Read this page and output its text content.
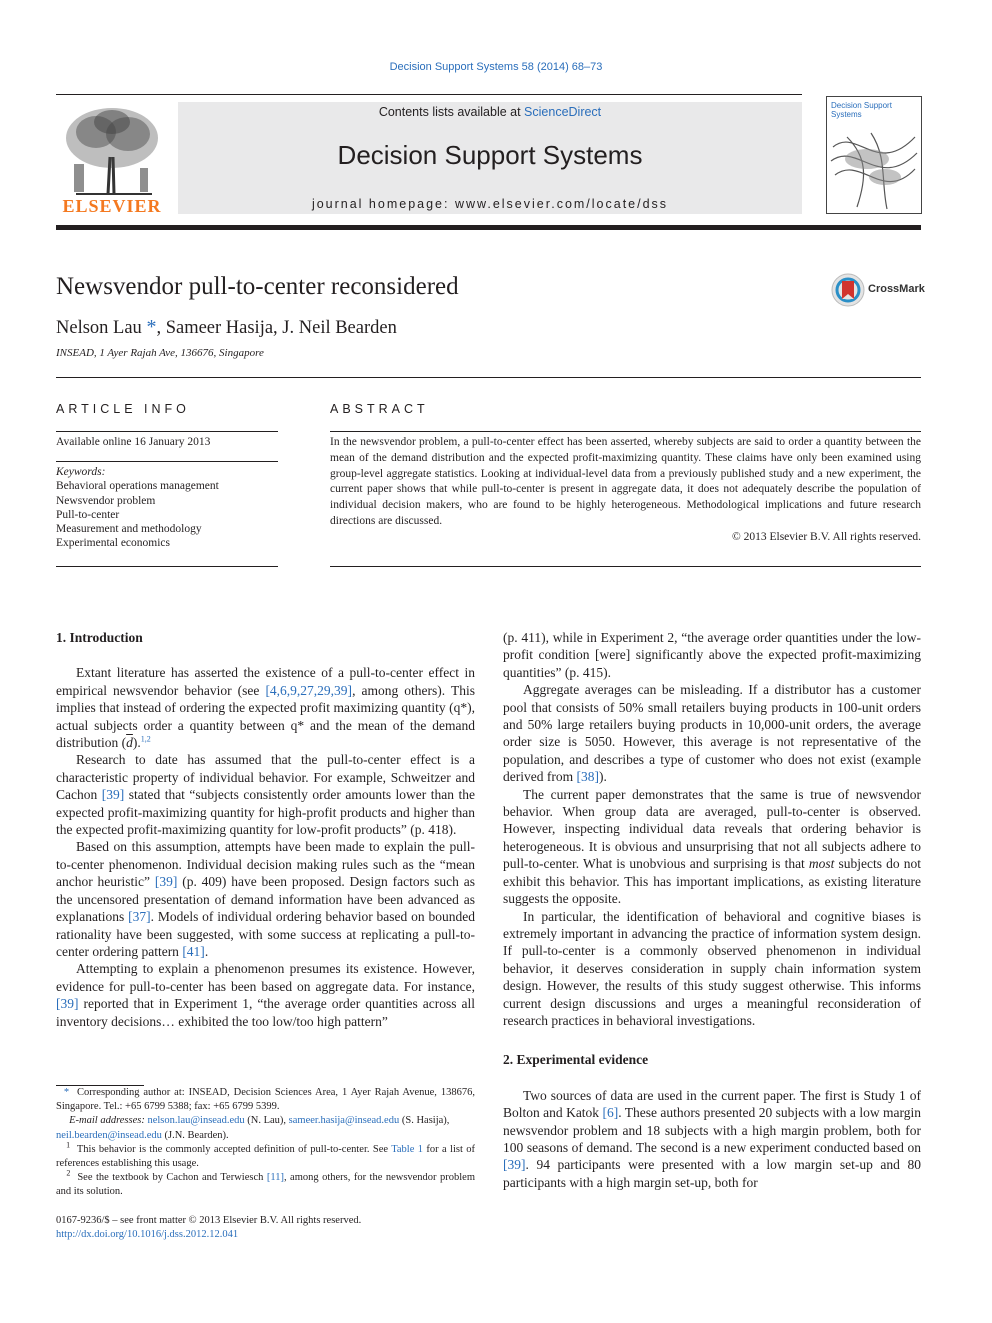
Decision Support Systems 58 (2014) 68–73
ELSEVIER
Contents lists available at ScienceDirect
Decision Support Systems
journal homepage: www.elsevier.com/locate/dss
Decision Support Systems
Newsvendor pull-to-center reconsidered	CrossMark
Nelson Lau *, Sameer Hasija, J. Neil Bearden
INSEAD, 1 Ayer Rajah Ave, 136676, Singapore
ARTICLE INFO	ABSTRACT
Available online 16 January 2013
Keywords:
Behavioral operations management
Newsvendor problem
Pull-to-center
Measurement and methodology
Experimental economics
In the newsvendor problem, a pull-to-center effect has been asserted, whereby subjects are said to order a quantity between the mean of the demand distribution and the expected profit-maximizing quantity. These claims have only been examined using group-level aggregate statistics. Looking at individual-level data from a previously published study and a new experiment, the current paper shows that while pull-to-center is present in aggregate data, it does not adequately describe the population of individual decision makers, who are found to be highly heterogeneous. Methodological implications and future research directions are discussed.
© 2013 Elsevier B.V. All rights reserved.

1. Introduction

Extant literature has asserted the existence of a pull-to-center effect in empirical newsvendor behavior (see [4,6,9,27,29,39], among others). This implies that instead of ordering the expected profit maximizing quantity (q*), actual subjects order a quantity between q* and the mean of the demand distribution $(\overline{d}).^{1,2}$

Research to date has assumed that the pull-to-center effect is a characteristic property of individual behavior. For example, Schweitzer and Cachon [39] stated that “subjects consistently order amounts lower than the expected profit-maximizing quantity for high-profit products and higher than the expected profit-maximizing quantity for low-profit products” (p. 418).

Based on this assumption, attempts have been made to explain the pull-to-center phenomenon. Individual decision making rules such as the “mean anchor heuristic” [39] (p. 409) have been proposed. Design factors such as the uncensored presentation of demand information have been advanced as explanations [37]. Models of individual ordering behavior based on bounded rationality have been suggested, with some success at replicating a pull-to-center ordering pattern [41].

Attempting to explain a phenomenon presumes its existence. However, evidence for pull-to-center has been based on aggregate data. For instance, [39] reported that in Experiment 1, “the average order quantities across all inventory decisions… exhibited the too low/too high pattern”

* Corresponding author at: INSEAD, Decision Sciences Area, 1 Ayer Rajah Avenue, 138676, Singapore. Tel.: +65 6799 5388; fax: +65 6799 5399.
E-mail addresses: nelson.lau@insead.edu (N. Lau), sameer.hasija@insead.edu (S. Hasija),
neil.bearden@insead.edu (J.N. Bearden).
$^1$ This behavior is the commonly accepted definition of pull-to-center. See Table 1 for a list of references establishing this usage.
$^2$ See the textbook by Cachon and Terwiesch [11], among others, for the newsvendor problem and its solution.
0167-9236/$ – see front matter © 2013 Elsevier B.V. All rights reserved.
http://dx.doi.org/10.1016/j.dss.2012.12.041

(p. 411), while in Experiment 2, “the average order quantities under the low-profit condition [were] significantly above the expected profit-maximizing quantities” (p. 415).

Aggregate averages can be misleading. If a distributor has a customer pool that consists of 50% small retailers buying products in 100-unit orders and 50% large retailers buying products in 10,000-unit orders, the average order size is 5050. However, this average is not representative of the population, and describes a type of customer who does not exist (example derived from [38]).

The current paper demonstrates that the same is true of newsvendor behavior. When group data are averaged, pull-to-center is observed. However, inspecting individual data reveals that ordering behavior is heterogeneous. It is obvious and unsurprising that not all subjects adhere to pull-to-center. What is unobvious and surprising is that most subjects do not exhibit this behavior. This has important implications, as existing literature suggests the opposite.

In particular, the identification of behavioral and cognitive biases is extremely important in advancing the practice of information system design. If pull-to-center is a commonly observed phenomenon in individual behavior, it deserves consideration in supply chain information system design. However, the results of this study suggest otherwise. This informs current design discussions and urges a meaningful reconsideration of research practices in behavioral investigations.

2. Experimental evidence

Two sources of data are used in the current paper. The first is Study 1 of Bolton and Katok [6]. These authors presented 20 subjects with a low margin newsvendor problem and 18 subjects with a high margin problem, both for 100 seasons of demand. The second is a new experiment conducted based on [39]. 94 participants were presented with a low margin set-up and 80 participants with a high margin set-up, both for
